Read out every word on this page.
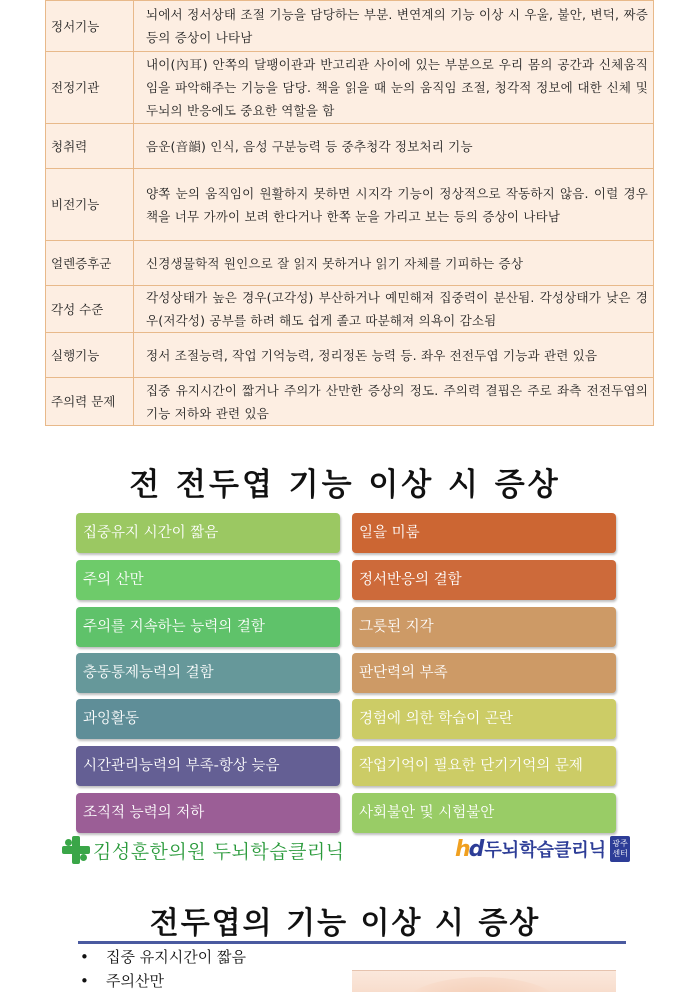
정서기능	뇌에서 정서상태 조절 기능을 담당하는 부분. 변연계의 기능 이상 시 우울, 불안, 변덕, 짜증 등의 증상이 나타남
전정기관	내이(內耳) 안쪽의 달팽이관과 반고리관 사이에 있는 부분으로 우리 몸의 공간과 신체움직임을 파악해주는 기능을 담당. 책을 읽을 때 눈의 움직임 조절, 청각적 정보에 대한 신체 및 두뇌의 반응에도 중요한 역할을 함
청취력	음운(音韻) 인식, 음성 구분능력 등 중추청각 정보처리 기능
비전기능	양쪽 눈의 움직임이 원활하지 못하면 시지각 기능이 정상적으로 작동하지 않음. 이럴 경우 책을 너무 가까이 보려 한다거나 한쪽 눈을 가리고 보는 등의 증상이 나타남
얼렌증후군	신경생물학적 원인으로 잘 읽지 못하거나 읽기 자체를 기피하는 증상
각성 수준	각성상태가 높은 경우(고각성) 부산하거나 예민해져 집중력이 분산됨. 각성상태가 낮은 경우(저각성) 공부를 하려 해도 쉽게 졸고 따분해져 의욕이 감소됨
실행기능	정서 조절능력, 작업 기억능력, 정리정돈 능력 등. 좌우 전전두엽 기능과 관련 있음
주의력 문제	집중 유지시간이 짧거나 주의가 산만한 증상의 정도. 주의력 결핍은 주로 좌측 전전두엽의 기능 저하와 관련 있음
전 전두엽 기능 이상 시 증상
집중유지 시간이 짧음
주의 산만
주의를 지속하는 능력의 결함
충동통제능력의 결함
과잉활동
시간관리능력의 부족-항상 늦음
조직적 능력의 저하
일을 미룸
정서반응의 결함
그릇된 지각
판단력의 부족
경험에 의한 학습이 곤란
작업기억이 필요한 단기기억의 문제
사회불안 및 시험불안
김성훈한의원 두뇌학습클리닉	hd 두뇌학습클리닉 광주 센터
전두엽의 기능 이상 시 증상
•	집중 유지시간이 짧음
•	주의산만
